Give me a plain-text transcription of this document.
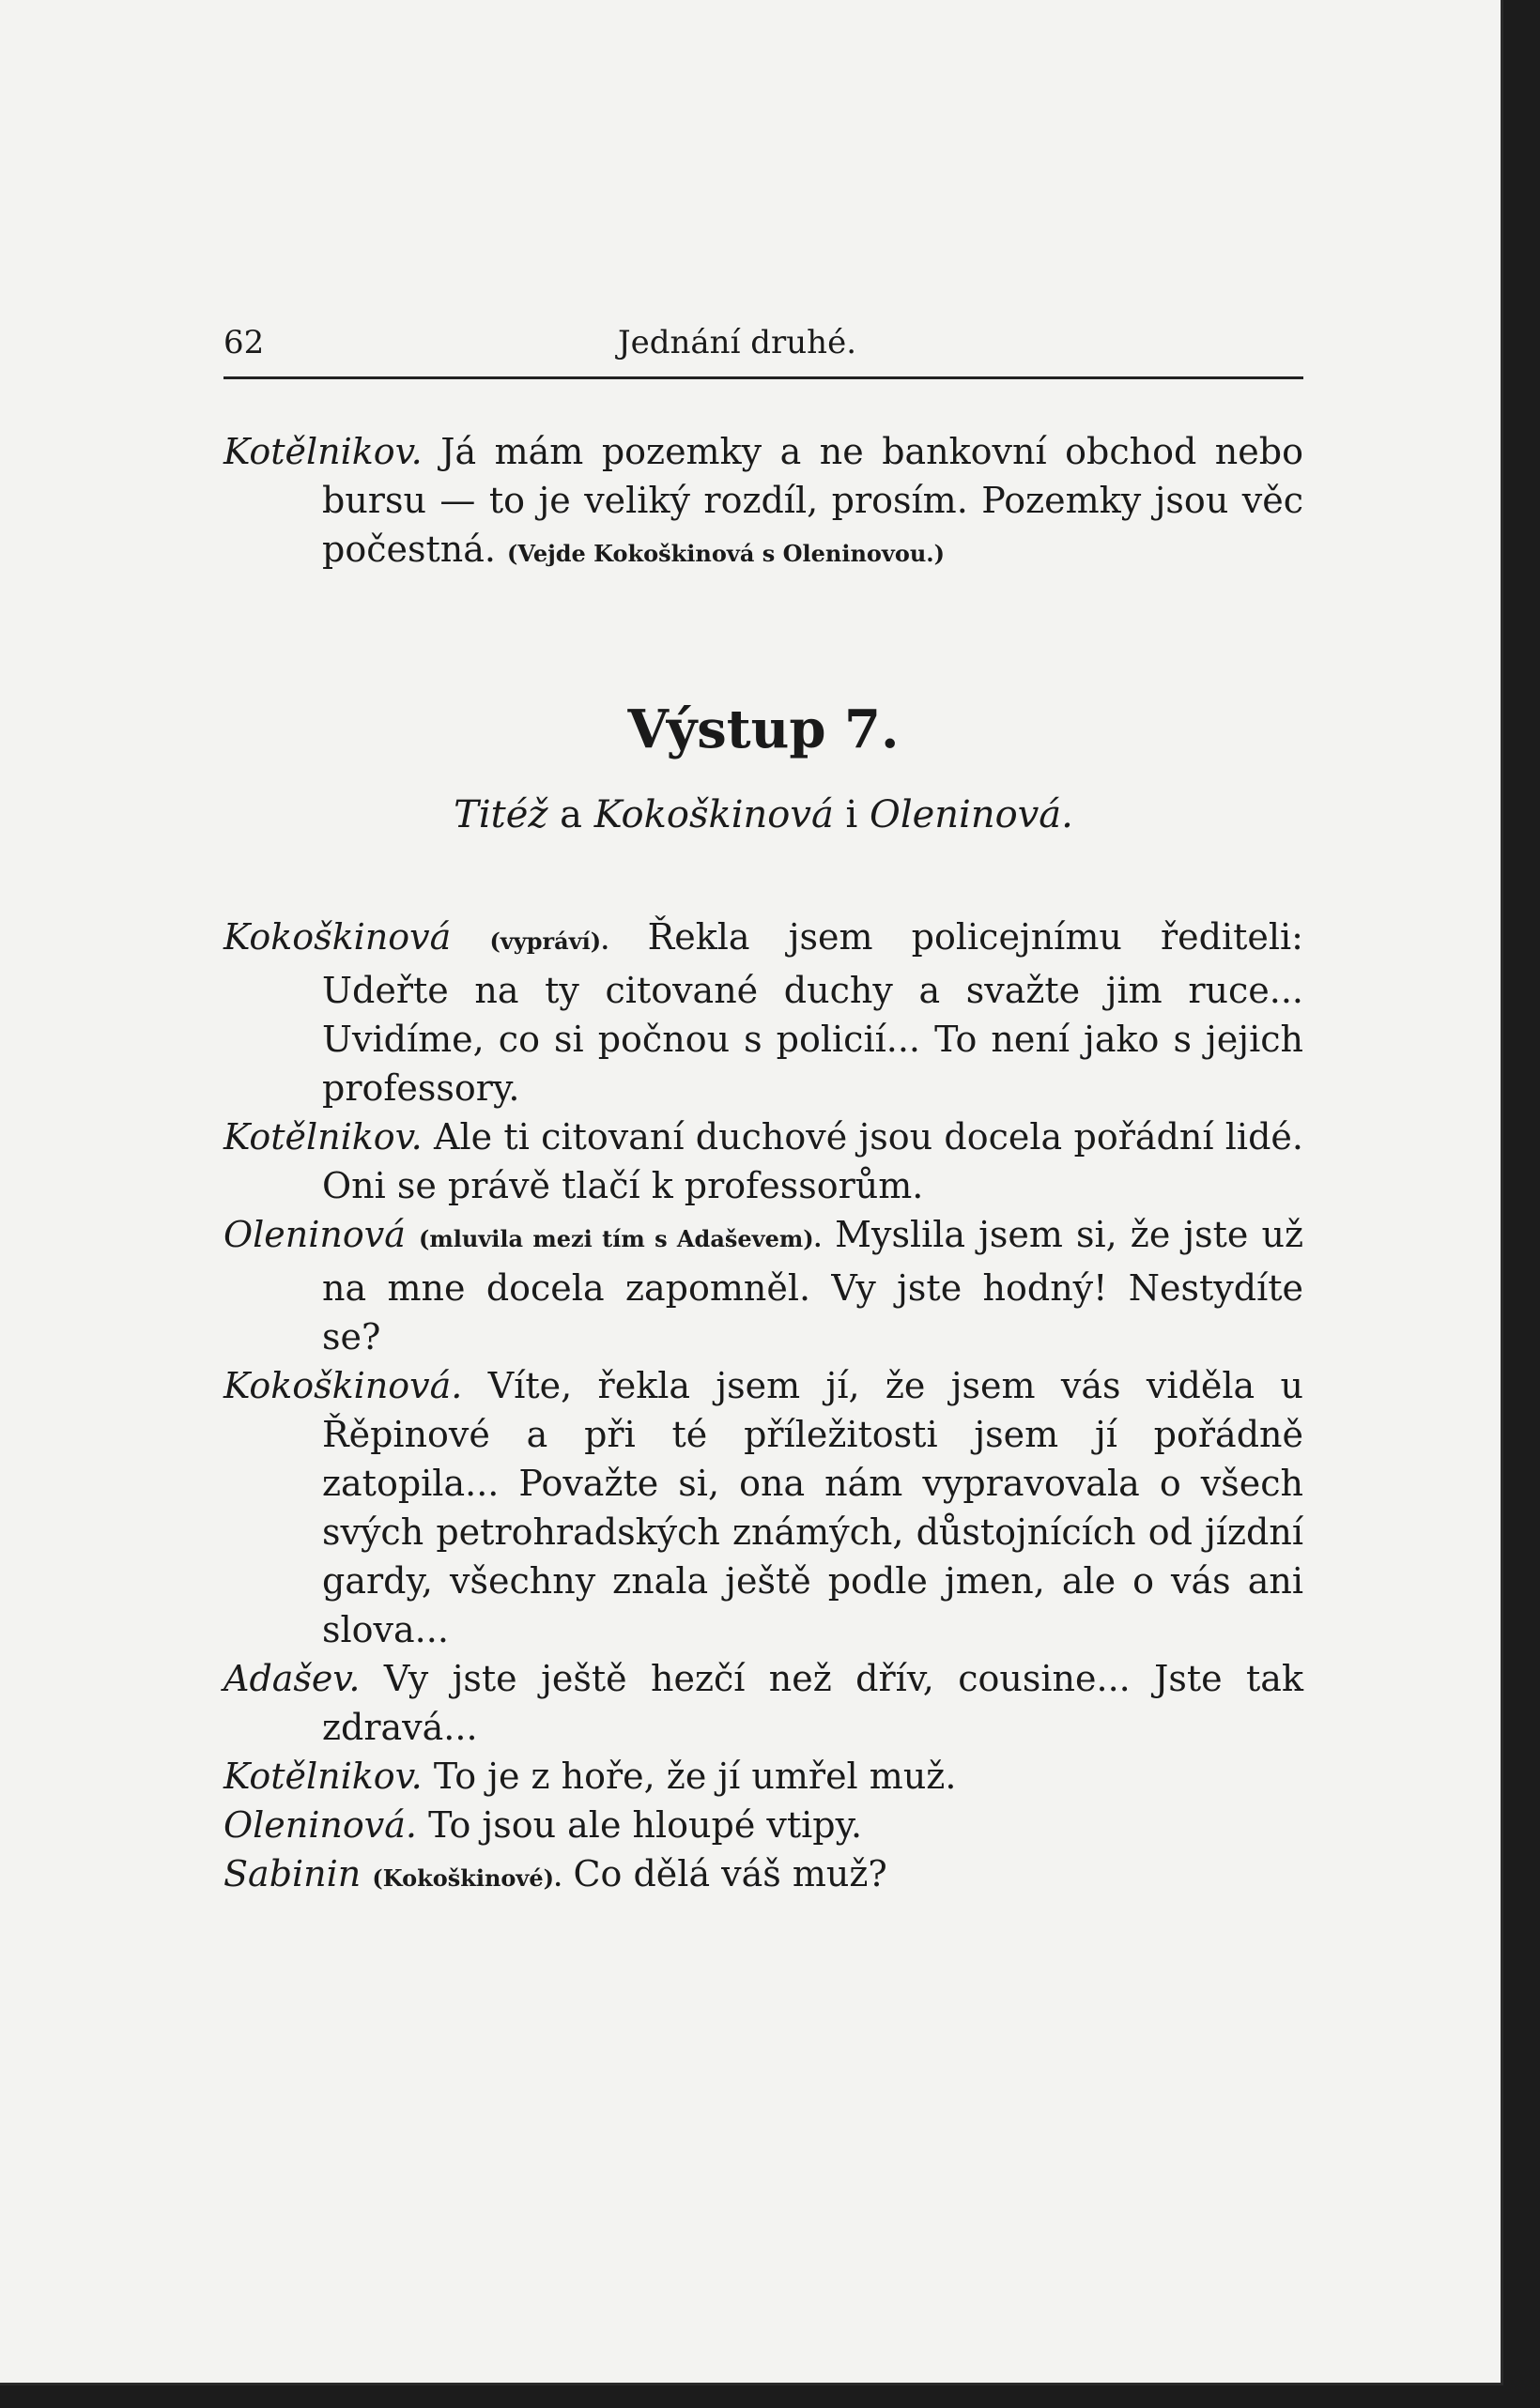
62	Jednání druhé.

Kotělnikov. Já mám pozemky a ne bankovní obchod nebo bursu — to je veliký rozdíl, prosím. Pozemky jsou věc počestná. (Vejde Kokoškinová s Oleninovou.)

Výstup 7.
Titéž a Kokoškinová i Oleninová.

Kokoškinová (vypráví). Řekla jsem policejnímu řediteli: Udeřte na ty citované duchy a svažte jim ruce... Uvidíme, co si počnou s policií... To není jako s jejich professory.

Kotělnikov. Ale ti citovaní duchové jsou docela pořádní lidé. Oni se právě tlačí k professorům.

Oleninová (mluvila mezi tím s Adaševem). Myslila jsem si, že jste už na mne docela zapomněl. Vy jste hodný! Nestydíte se?

Kokoškinová. Víte, řekla jsem jí, že jsem vás viděla u Řěpinové a při té příležitosti jsem jí pořádně zatopila... Považte si, ona nám vypravovala o všech svých petrohradských známých, důstojnících od jízdní gardy, všechny znala ještě podle jmen, ale o vás ani slova...

Adašev. Vy jste ještě hezčí než dřív, cousine... Jste tak zdravá...

Kotělnikov. To je z hoře, že jí umřel muž.

Oleninová. To jsou ale hloupé vtipy.

Sabinin (Kokoškinové). Co dělá váš muž?
